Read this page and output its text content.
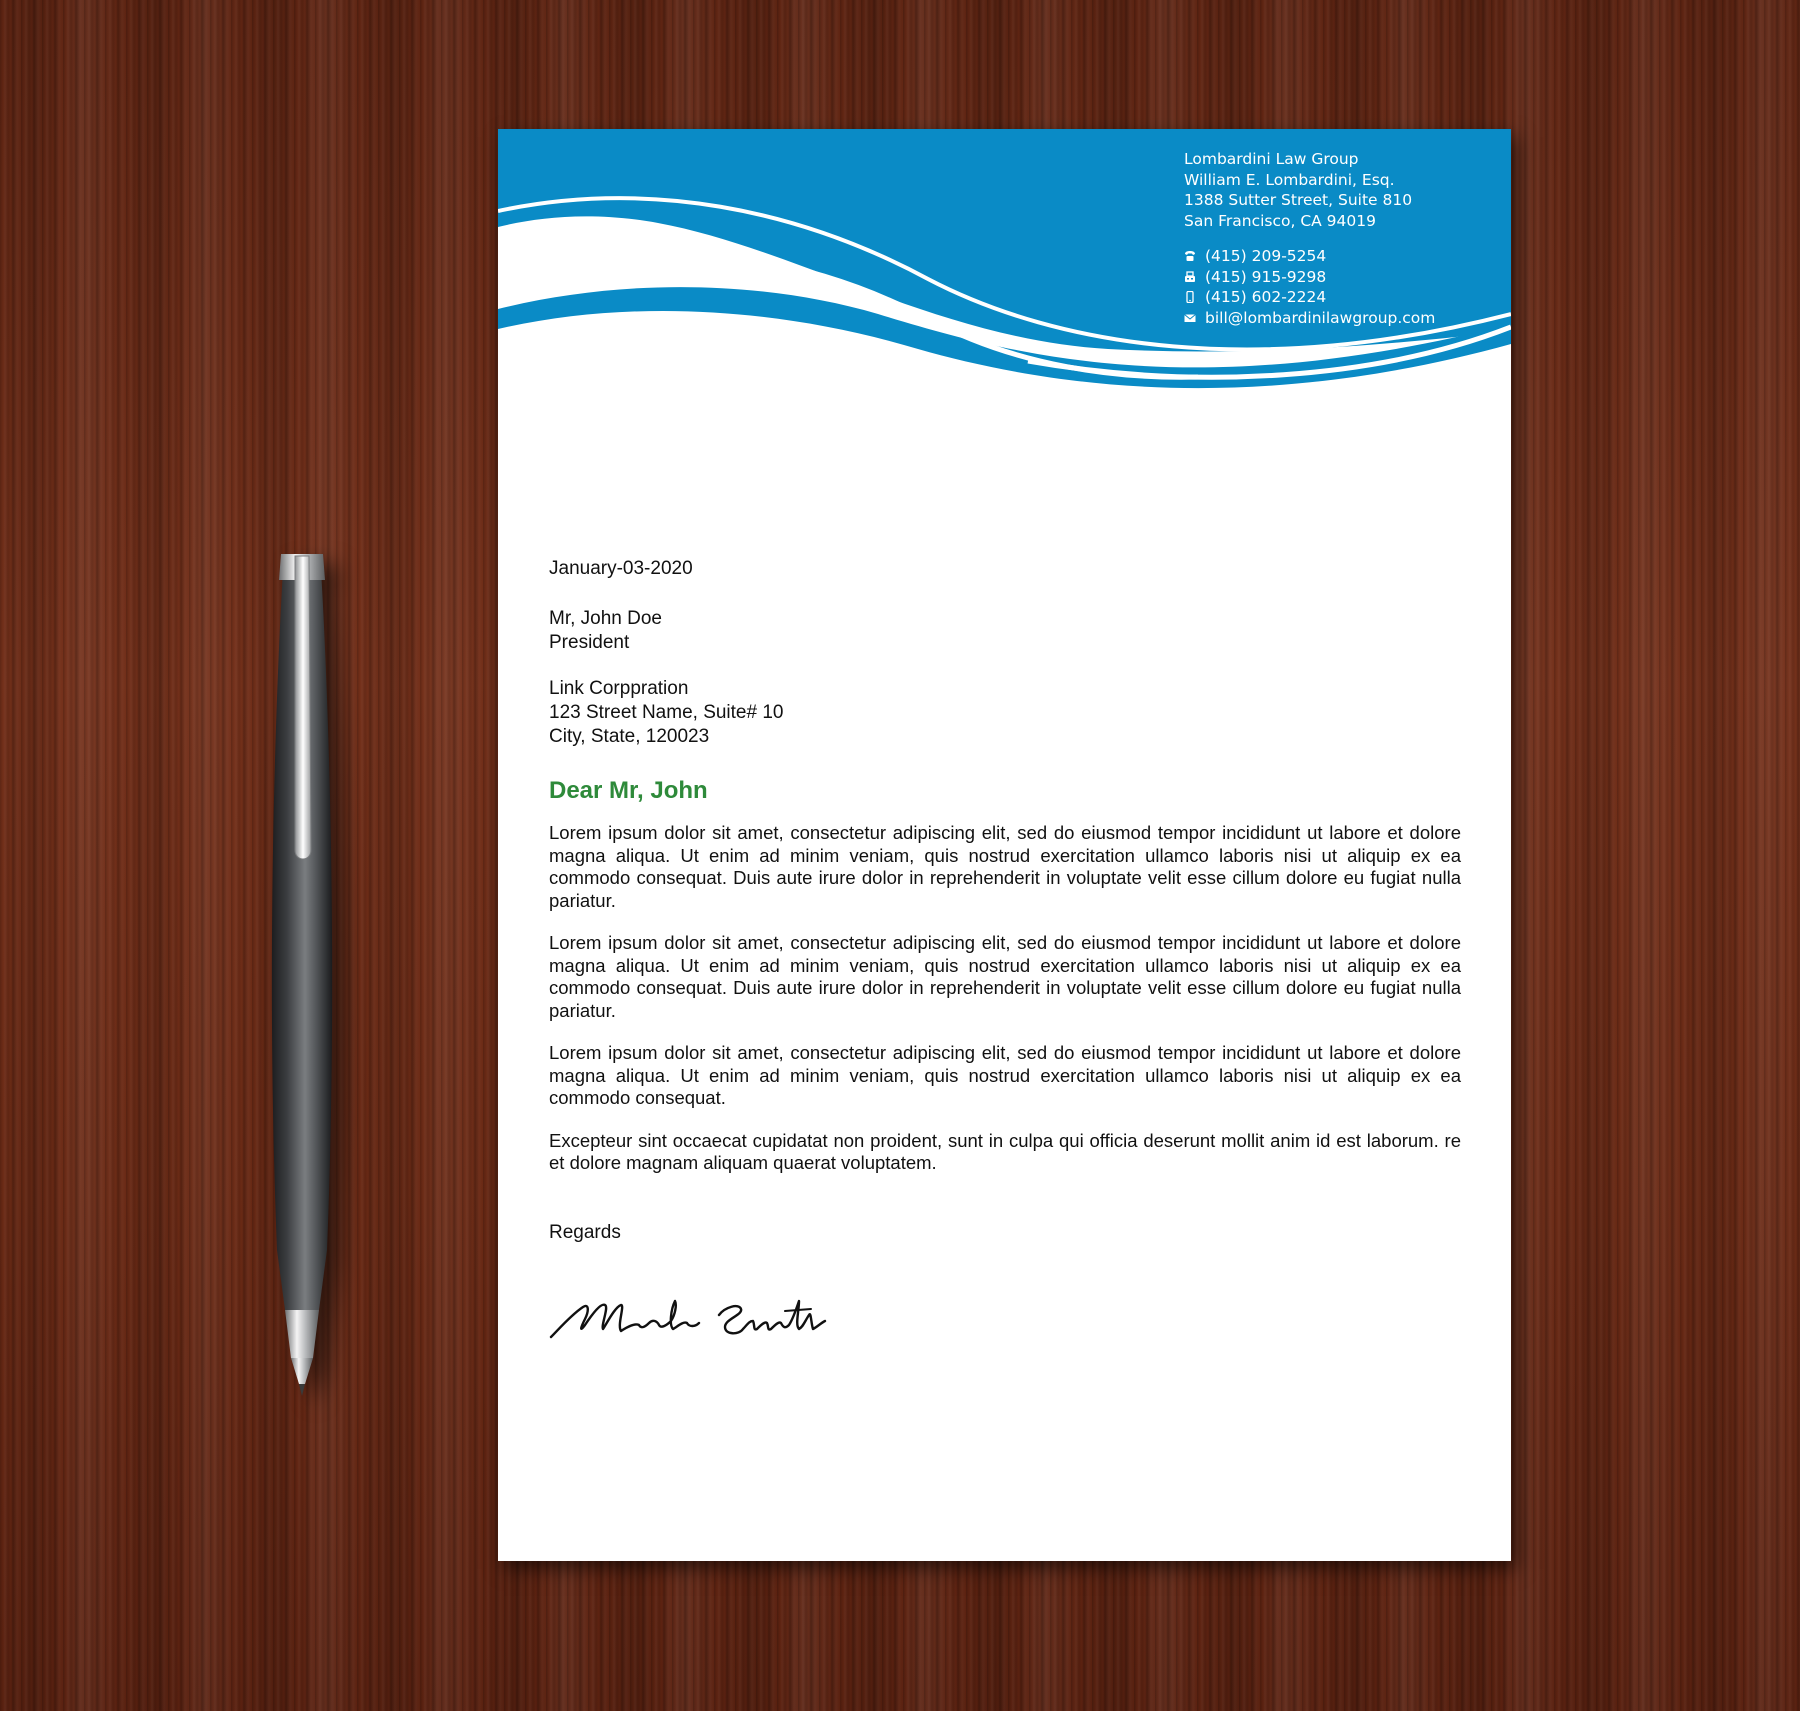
Lombardini Law Group
William E. Lombardini, Esq.
1388 Sutter Street, Suite 810
San Francisco, CA 94019
(415) 209-5254
(415) 915-9298
(415) 602-2224
bill@lombardinilawgroup.com
January-03-2020
Mr, John Doe
President
Link Corppration
123 Street Name, Suite# 10
City, State, 120023
Dear Mr, John

Lorem ipsum dolor sit amet, consectetur adipiscing elit, sed do eiusmod tempor incididunt ut labore et dolore magna aliqua. Ut enim ad minim veniam, quis nostrud exercitation ullamco laboris nisi ut aliquip ex ea commodo consequat. Duis aute irure dolor in reprehenderit in voluptate velit esse cillum dolore eu fugiat nulla pariatur.

Lorem ipsum dolor sit amet, consectetur adipiscing elit, sed do eiusmod tempor incididunt ut labore et dolore magna aliqua. Ut enim ad minim veniam, quis nostrud exercitation ullamco laboris nisi ut aliquip ex ea commodo consequat. Duis aute irure dolor in reprehenderit in voluptate velit esse cillum dolore eu fugiat nulla pariatur.

Lorem ipsum dolor sit amet, consectetur adipiscing elit, sed do eiusmod tempor incididunt ut labore et dolore magna aliqua. Ut enim ad minim veniam, quis nostrud exercitation ullamco laboris nisi ut aliquip ex ea commodo consequat.

Excepteur sint occaecat cupidatat non proident, sunt in culpa qui officia deserunt mollit anim id est laborum. re et dolore magnam aliquam quaerat voluptatem.

Regards
